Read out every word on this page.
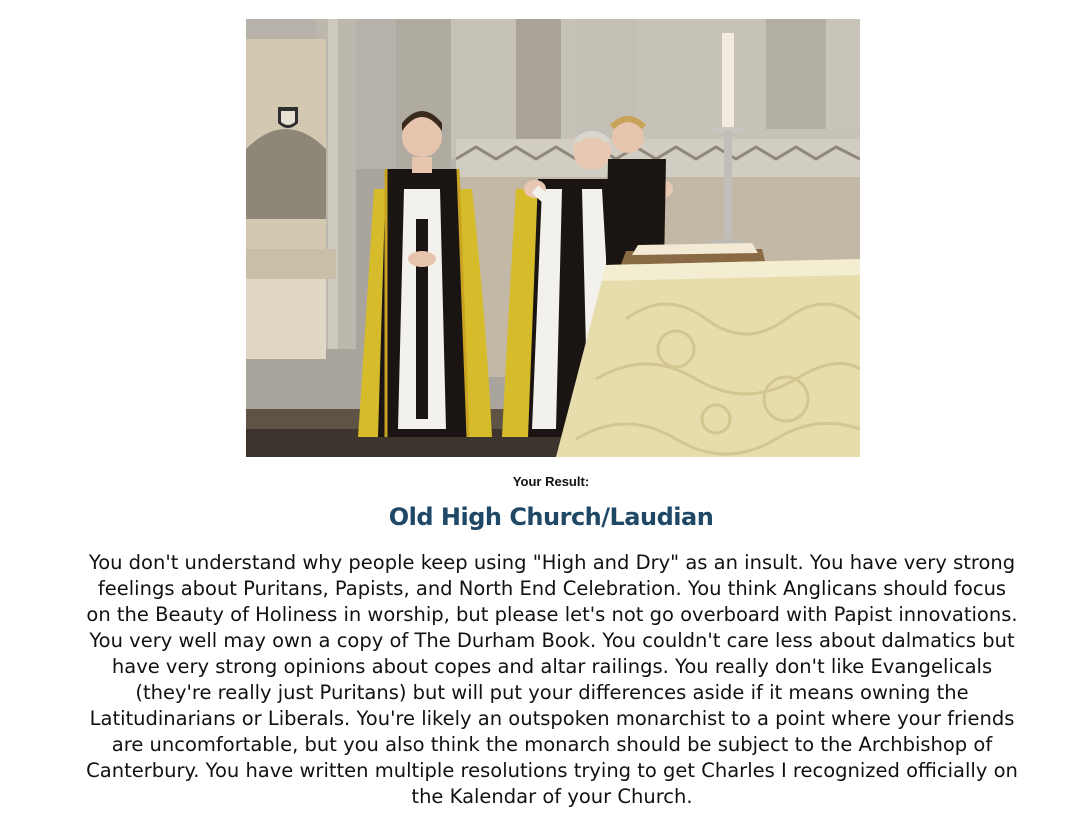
Your Result:
Old High Church/Laudian

You don't understand why people keep using "High and Dry" as an insult. You have very strong feelings about Puritans, Papists, and North End Celebration. You think Anglicans should focus on the Beauty of Holiness in worship, but please let's not go overboard with Papist innovations. You very well may own a copy of The Durham Book. You couldn't care less about dalmatics but have very strong opinions about copes and altar railings. You really don't like Evangelicals (they're really just Puritans) but will put your differences aside if it means owning the Latitudinarians or Liberals. You're likely an outspoken monarchist to a point where your friends are uncomfortable, but you also think the monarch should be subject to the Archbishop of Canterbury. You have written multiple resolutions trying to get Charles I recognized officially on the Kalendar of your Church.
